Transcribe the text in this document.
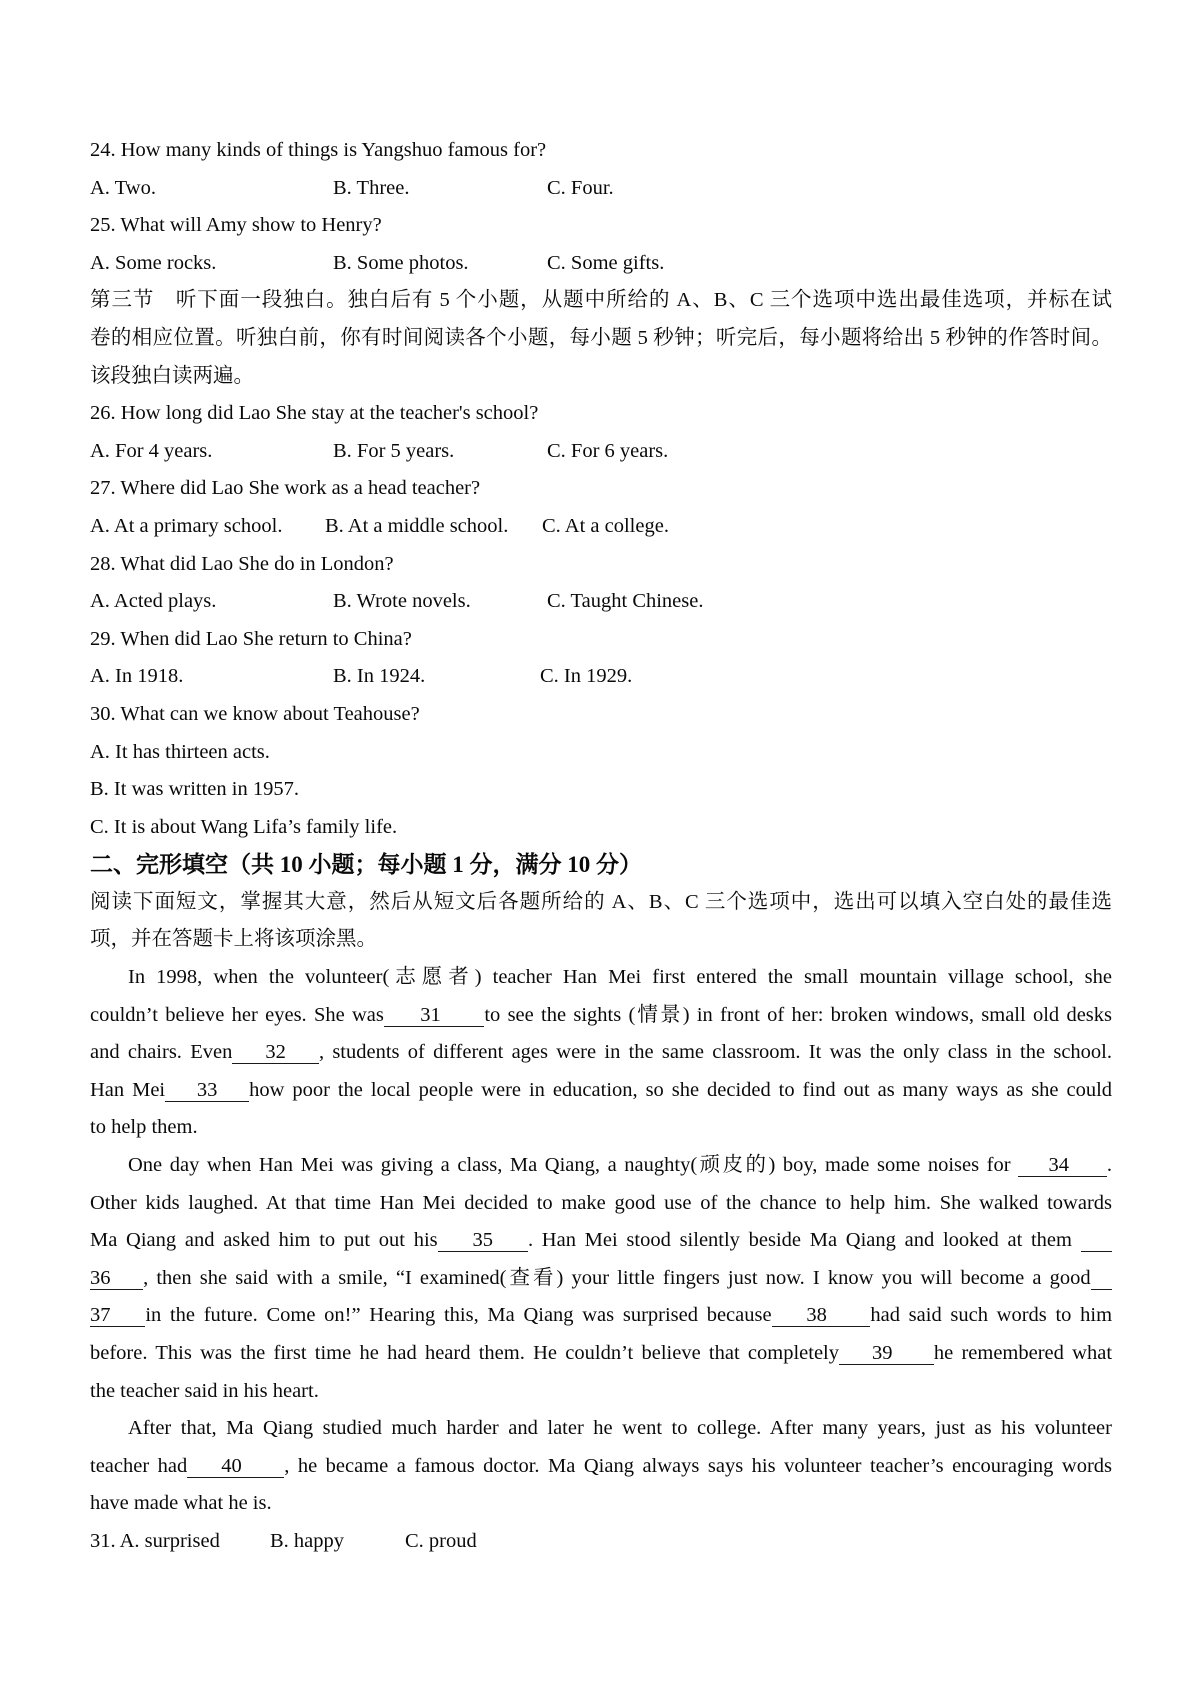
24. How many kinds of things is Yangshuo famous for?
A. Two.	B. Three.	C. Four.
25. What will Amy show to Henry?
A. Some rocks.	B. Some photos.	C. Some gifts.
第三节　听下面一段独白。独白后有 5 个小题，从题中所给的 A、B、C 三个选项中选出最佳选项，并标在试
卷的相应位置。听独白前，你有时间阅读各个小题，每小题 5 秒钟；听完后，每小题将给出 5 秒钟的作答时间。
该段独白读两遍。
26. How long did Lao She stay at the teacher's school?
A. For 4 years.	B. For 5 years.	C. For 6 years.
27. Where did Lao She work as a head teacher?
A. At a primary school. B. At a middle school. C. At a college.
28. What did Lao She do in London?
A. Acted plays.	B. Wrote novels.	C. Taught Chinese.
29. When did Lao She return to China?
A. In 1918.	B. In 1924.	C. In 1929.
30. What can we know about Teahouse?
A. It has thirteen acts.
B. It was written in 1957.
C. It is about Wang Lifa’s family life.
二、完形填空（共 10 小题；每小题 1 分，满分 10 分）
阅读下面短文，掌握其大意，然后从短文后各题所给的 A、B、C 三个选项中，选出可以填入空白处的最佳选
项，并在答题卡上将该项涂黑。
In 1998, when the volunteer(志愿者) teacher Han Mei first entered the small mountain village school, she
couldn’t believe her eyes. She was     31      to see the sights (情景) in front of her: broken windows, small old desks
and chairs. Even    32    , students of different ages were in the same classroom. It was the only class in the school.
Han Mei    33    how poor the local people were in education, so she decided to find out as many ways as she could
to help them.
One day when Han Mei was giving a class, Ma Qiang, a naughty(顽皮的) boy, made some noises for     34     .
Other kids laughed. At that time Han Mei decided to make good use of the chance to help him. She walked towards
Ma Qiang and asked him to put out his    35    . Han Mei stood silently beside Ma Qiang and looked at them
36    , then she said with a smile, “I examined(查看) your little fingers just now. I know you will become a good
37    in the future. Come on!” Hearing this, Ma Qiang was surprised because    38     had said such words to him
before. This was the first time he had heard them. He couldn’t believe that completely    39     he remembered what
the teacher said in his heart.
After that, Ma Qiang studied much harder and later he went to college. After many years, just as his volunteer
teacher had    40     , he became a famous doctor. Ma Qiang always says his volunteer teacher’s encouraging words
have made what he is.
31. A. surprised B. happy	C. proud
